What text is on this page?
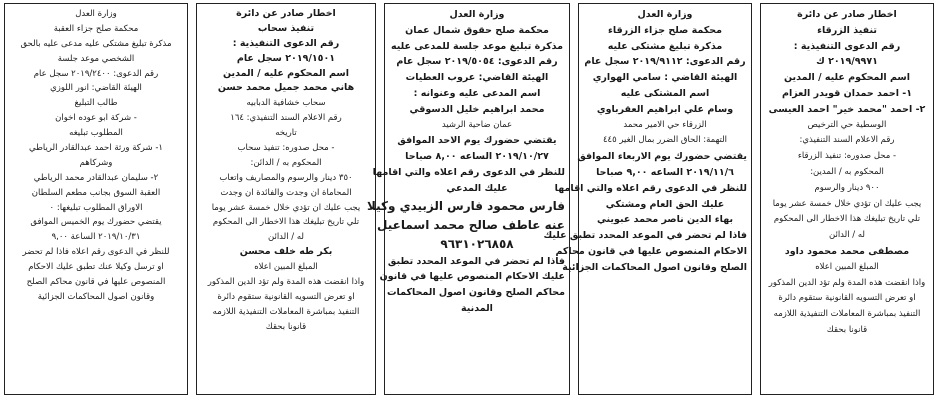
اخطار صادر عن دائرة
تنفيذ الزرقاء
رقم الدعوى التنفيذية :
٢٠١٩/٩٩٧١ ك
اسم المحكوم عليه / المدين
١- احمد حمدان قويدر العزام
٢- احمد "محمد خير" احمد العيسى
الوسطية حي الترخيص
رقم الاعلام السند التنفيذي:
- محل صدوره: تنفيذ الزرقاء
المحكوم به / المدين:
٩٠٠ دينار والرسوم
يجب عليك ان تؤدي خلال خمسة عشر يوما
تلي تاريخ تبليغك هذا الاخطار الى المحكوم
له / الدائن
مصطفى محمد محمود داود
المبلغ المبين اعلاه
واذا انقضت هذه المدة ولم تؤد الدين المذكور
او تعرض التسويه القانونية ستقوم دائرة
التنفيذ بمباشرة المعاملات التنفيذية اللازمه
قانونا بحقك
وزارة العدل
محكمة صلح جزاء الزرقاء
مذكرة تبليغ مشتكى عليه
رقم الدعوى: ٢٠١٩/٩١١٢ سجل عام
الهيئة القاضي : سامي الهواري
اسم المشتكى عليه
وسام علي ابراهيم العقرباوي
الزرقاء حي الامير محمد
التهمة: الحاق الضرر بمال الغير ٤٤٥
يقتضي حضورك يوم الاربعاء الموافق
٢٠١٩/١١/٦ الساعه ٩,٠٠ صباحا
للنظر في الدعوى رقم اعلاه والتي اقامها
عليك الحق العام ومشتكي
بهاء الدين ناصر محمد عبويني
فاذا لم تحضر في الموعد المحدد تطبق عليك
الاحكام المنصوص عليها في قانون محاكم
الصلح وقانون اصول المحاكمات الجزائية
وزارة العدل
محكمة صلح حقوق شمال عمان
مذكرة تبليغ موعد جلسة للمدعى عليه
رقم الدعوى: ٢٠١٩/٥٠٥٤ سجل عام
الهيئة القاضي: عروب العطيات
اسم المدعى عليه وعنوانه :
محمد ابراهيم خليل الدسوقي
عمان ضاحية الرشيد
يقتضي حضورك يوم الاحد الموافق
٢٠١٩/١٠/٢٧ الساعه ٨,٠٠ صباحا
للنظر في الدعوى رقم اعلاه والتي اقامها
عليك المدعي
فارس محمود فارس الزبيدي وكيلا
عنه عاطف صالح محمد اسماعيل
٩٦٣١٠٢٦٨٥٨
فاذا لم تحضر في الموعد المحدد تطبق
عليك الاحكام المنصوص عليها في قانون
محاكم الصلح وقانون اصول المحاكمات
المدنية
اخطار صادر عن دائرة
تنفيذ سحاب
رقم الدعوى التنفيذية :
٢٠١٩/١٥٠١ سجل عام
اسم المحكوم عليه / المدين
هاني محمد جميل محمد حسن
سحاب خشافية الدبابيه
رقم الاعلام السند التنفيذي: ١٦٤
تاريخه
- محل صدوره: تنفيذ سحاب
المحكوم به / الدائن:
٣٥٠ دينار والرسوم والمصاريف واتعاب
المحاماة ان وجدت والفائدة ان وجدت
يجب عليك ان تؤدي خلال خمسة عشر يوما
تلي تاريخ تبليغك هذا الاخطار الى المحكوم
له / الدائن
بكر طه خلف محسن
المبلغ المبين اعلاه
واذا انقضت هذه المدة ولم تؤد الدين المذكور
او تعرض التسويه القانونية ستقوم دائرة
التنفيذ بمباشرة المعاملات التنفيذية اللازمه
قانونا بحقك
وزارة العدل
محكمة صلح جزاء العقبة
مذكرة تبليغ مشتكى عليه مدعى عليه بالحق
الشخصي موعد جلسة
رقم الدعوى: ٢٠١٩/٢٤٠٠ سجل عام
الهيئة القاضي: انور اللوزي
طالب التبليغ
- شركة ابو عوده اخوان
المطلوب تبليغه
١- شركة ورثة احمد عبدالقادر الرياطي
وشركاهم
٢- سليمان عبدالقادر محمد الرياطي
العقبة السوق بجانب مطعم السلطان
الاوراق المطلوب تبليغها: ٠
يقتضي حضورك يوم الخميس الموافق
٢٠١٩/١٠/٣١ الساعة ٩,٠٠
للنظر في الدعوى رقم اعلاه فاذا لم تحضر
او ترسل وكيلا عنك تطبق عليك الاحكام
المنصوص عليها في قانون محاكم الصلح
وقانون اصول المحاكمات الجزائية
